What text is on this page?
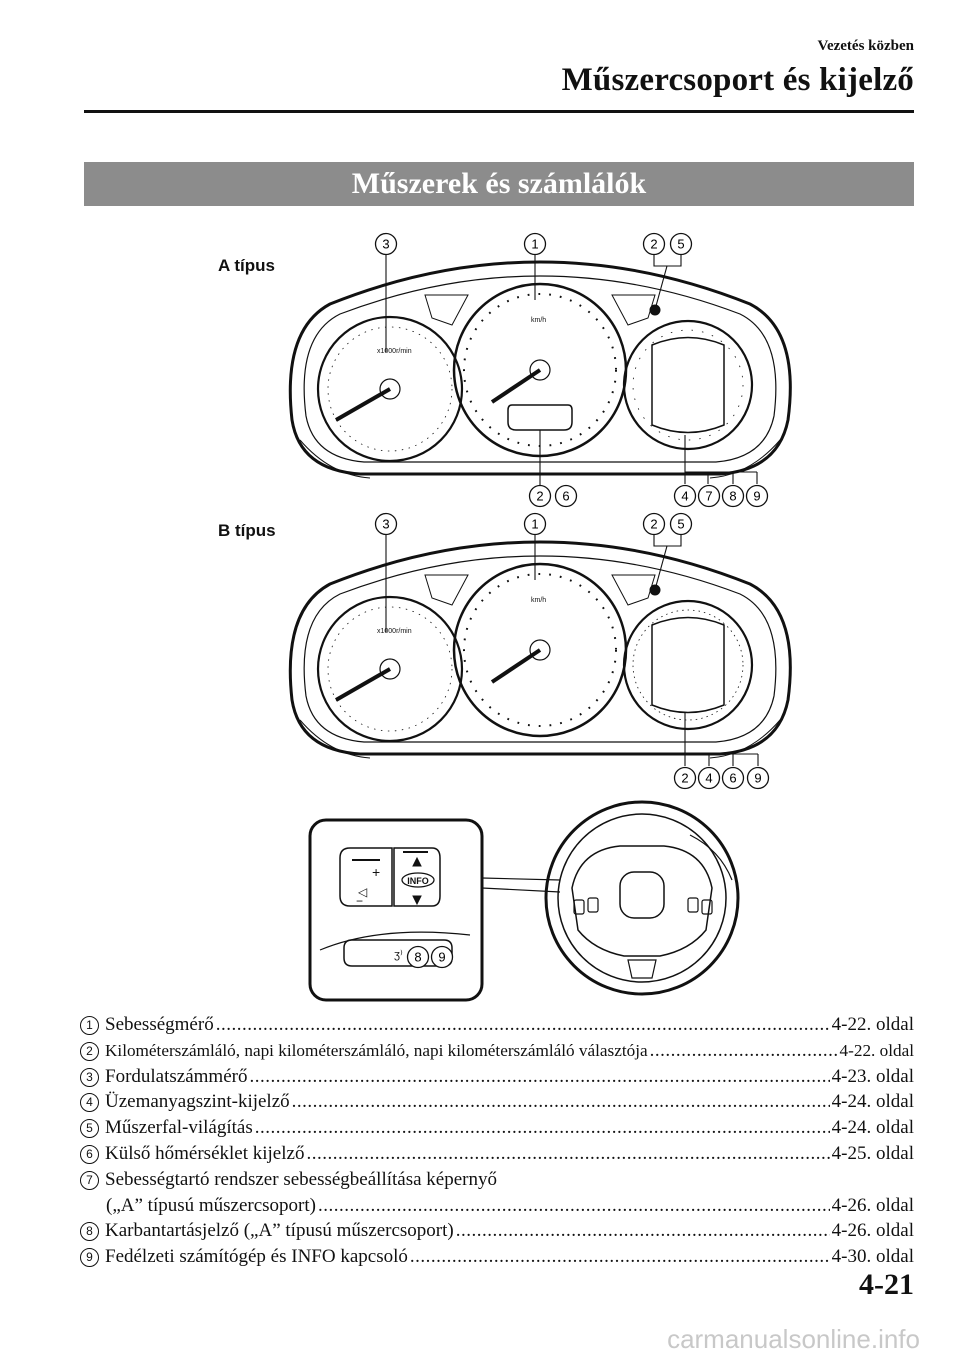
Vezetés közben
Műszercsoport és kijelző
Műszerek és számlálók
A típus
B típus
x1000r/min
km/h
3	1	2 5
2 6	4 7 8 9
x1000r/min
km/h
3	1	2 5
2 4 6 9
+
◁
−
ʒ⁾
INFO
8 9
1 Sebességmérő .....	4-22. oldal
2 Kilométerszámláló, napi kilométerszámláló, napi kilométerszámláló választója .....	4-22. oldal
3 Fordulatszámmérő .....	4-23. oldal
4 Üzemanyagszint-kijelző .....	4-24. oldal
5 Műszerfal-világítás .....	4-24. oldal
6 Külső hőmérséklet kijelző .....	4-25. oldal
7 Sebességtartó rendszer sebességbeállítása képernyő
(„A” típusú műszercsoport) .....	4-26. oldal
8 Karbantartásjelző („A” típusú műszercsoport) .....	4-26. oldal
9 Fedélzeti számítógép és INFO kapcsoló .....	4-30. oldal
4-21
carmanualsonline.info
